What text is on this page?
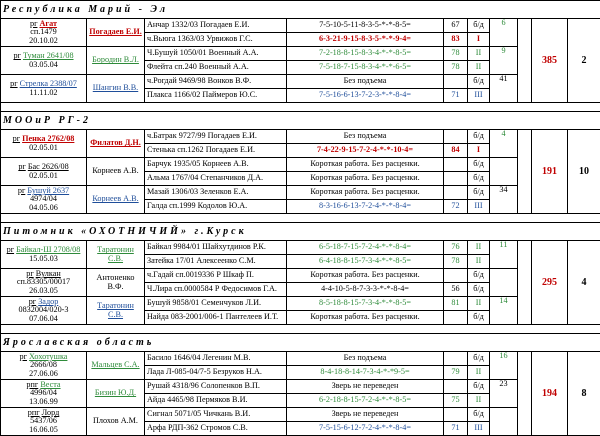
Республика Марий - Эл									

рг Агат
сп.1479
20.10.02	Погадаев Е.И.	Анчар 1332/03 Погадаев Е.И.	7-5-10-5-11-8-3-5-*-*-8-5=	67	б/д	6		385	2
		ч.Вьюга 1363/03 Урвижов Г.С.	6-3-21-9-15-8-3-5-*-*-9-4=	83	I				

рг Туман 2641/08
03.05.04	Бородин В.Л.	Ч.Бушуй 1050/01 Военный А.А.	7-2-18-8-15-8-3-4-*-*-8-5=	78	II	9			
		Флейта сп.240 Военный А.А.	7-5-18-7-15-8-3-4-*-*-6-5=	78	II				

рг Стрелка 2388/07
11.11.02	Шангин В.В.	ч.Рогдай 9469/98 Вонков В.Ф.	Без подъема		б/д	41			
		Плакса 1166/02 Паймеров Ю.С.	7-5-16-6-13-7-2-3-*-*-8-4=	71	III				

МООиР РГ-2									

рг Пенка 2762/08
02.05.01	Филатов Д.Н.	ч.Батрак 9727/99 Погадаев Е.И.	Без подъема		б/д	4		191	10
		Стенька сп.1262 Погадаев Е.И.	7-4-22-9-15-7-2-4-*-*-10-4=	84	I				

рг Бас 2626/08
02.05.01	Корнеев А.В.	Барчук 1935/05 Корнеев А.В.	Короткая работа. Без расценки.		б/д				
		Альма 1767/04 Степанчиков Д.А.	Короткая работа. Без расценки.		б/д				

рг Бушуй 2637
4974/04
04.05.06	Корнеев А.В.	Мазай 1306/03 Зеленков Е.А.	Короткая работа. Без расценки.		б/д	34			
		Галда сп.1999 Кодолов Ю.А.	8-3-16-6-13-7-2-4-*-*-8-4=	72	III				

Питомник «ОХОТНИЧИЙ» г.Курск									

рг Байкал-Ш 2708/08
15.05.03	Таратонин С.В.	Байкал 9984/01 Шайхутдинов Р.К.	6-5-18-7-15-7-2-4-*-*-8-4=	76	II	11		295	4
		Затейка 17/01 Алексеенко С.М.	6-4-18-8-15-7-3-4-*-*-8-5=	78	II				

рг Вулкан
сп.83305/00017
26.03.05	Антоненко В.Ф.	ч.Гадай сп.0019336 Р Шкаф П.	Короткая работа. Без расценки.		б/д				
		Ч.Лира сп.0000584 Р Федосимов Г.А.	4-4-10-5-8-7-3-3-*-*-8-4=	56	б/д				

рг Задор
0832004/020-3
07.06.04	Таратонин С.В.	Бушуй 9858/01 Семенчуков Л.И.	8-5-18-8-15-7-3-4-*-*-8-5=	81	II	14			
		Найда 083-2001/006-1 Пантелеев И.Т.	Короткая работа. Без расценки.		б/д				

Ярославская область									

рг Хохотушка
2666/08
27.06.06	Мальцев С.А.	Басило 1646/04 Легенин М.В.	Без подъема		б/д	16		194	8
		Лада Л-085-04/7-5 Безруков Н.А.	8-4-18-8-14-7-3-4-*-*9-5=	79	II				

рпг Веста
4996/04
13.06.99	Бизин Ю.Д.	Рушай 4318/96 Солопенков В.П.	Зверь не переведен		б/д	23			
		Айда 4465/98 Пермяков В.И.	6-2-18-8-15-7-2-4-*-*-8-5=	75	II				

рпг Лорд
5437/06
16.06.05	Плохов А.М.	Сигнал 5071/05 Чичкань В.И.	Зверь не переведен		б/д				
		Арфа РДП-362 Стромов С.В.	7-5-15-6-12-7-2-4-*-*-8-4=	71	III				
